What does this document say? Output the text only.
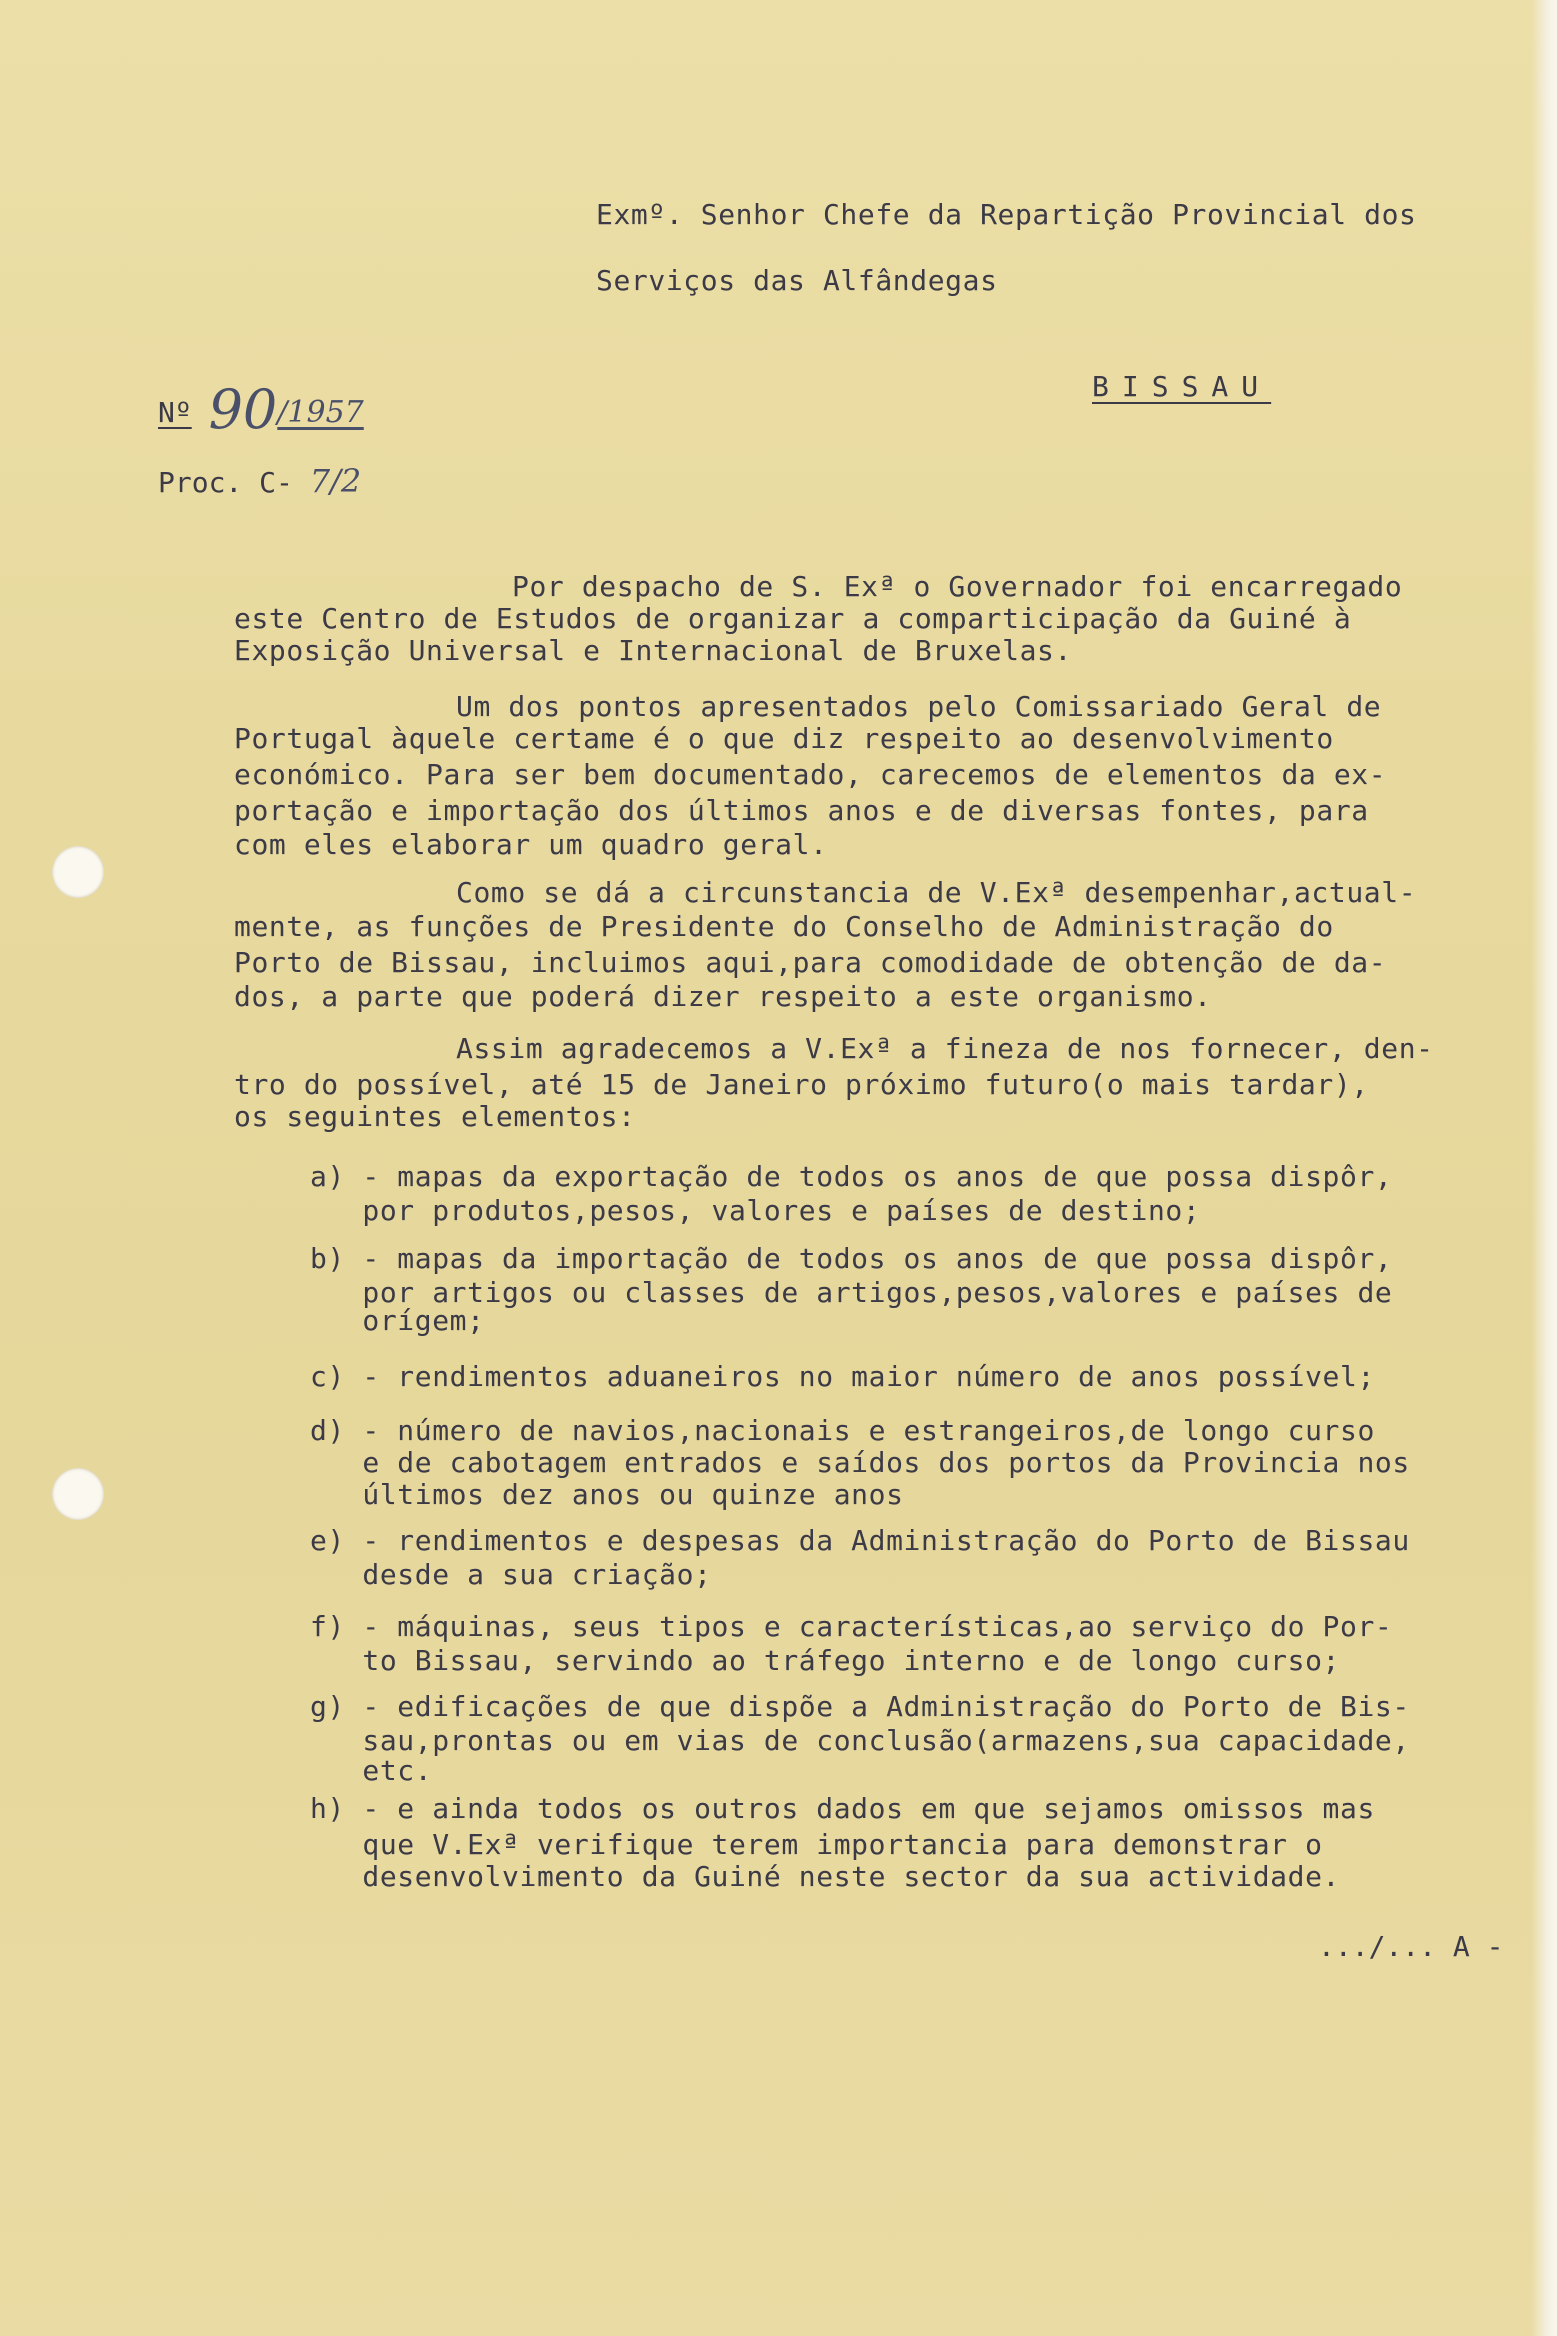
Exmº. Senhor Chefe da Repartição Provincial dos
Serviços das Alfândegas
BISSAU
Nº 90/1957
Proc. C- 7/2
Por despacho de S. Exª o Governador foi encarregado
este Centro de Estudos de organizar a comparticipação da Guiné à
Exposição Universal e Internacional de Bruxelas.
Um dos pontos apresentados pelo Comissariado Geral de
Portugal àquele certame é o que diz respeito ao desenvolvimento
económico. Para ser bem documentado, carecemos de elementos da ex-
portação e importação dos últimos anos e de diversas fontes, para
com eles elaborar um quadro geral.
Como se dá a circunstancia de V.Exª desempenhar,actual-
mente, as funções de Presidente do Conselho de Administração do
Porto de Bissau, incluimos aqui,para comodidade de obtenção de da-
dos, a parte que poderá dizer respeito a este organismo.
Assim agradecemos a V.Exª a fineza de nos fornecer, den-
tro do possível, até 15 de Janeiro próximo futuro(o mais tardar),
os seguintes elementos:
a) - mapas da exportação de todos os anos de que possa dispôr,
por produtos,pesos, valores e países de destino;
b) - mapas da importação de todos os anos de que possa dispôr,
por artigos ou classes de artigos,pesos,valores e países de
orígem;
c) - rendimentos aduaneiros no maior número de anos possível;
d) - número de navios,nacionais e estrangeiros,de longo curso
e de cabotagem entrados e saídos dos portos da Provincia nos
últimos dez anos ou quinze anos
e) - rendimentos e despesas da Administração do Porto de Bissau
desde a sua criação;
f) - máquinas, seus tipos e características,ao serviço do Por-
to Bissau, servindo ao tráfego interno e de longo curso;
g) - edificações de que dispõe a Administração do Porto de Bis-
sau,prontas ou em vias de conclusão(armazens,sua capacidade,
etc.
h) - e ainda todos os outros dados em que sejamos omissos mas
que V.Exª verifique terem importancia para demonstrar o
desenvolvimento da Guiné neste sector da sua actividade.
.../... A -
